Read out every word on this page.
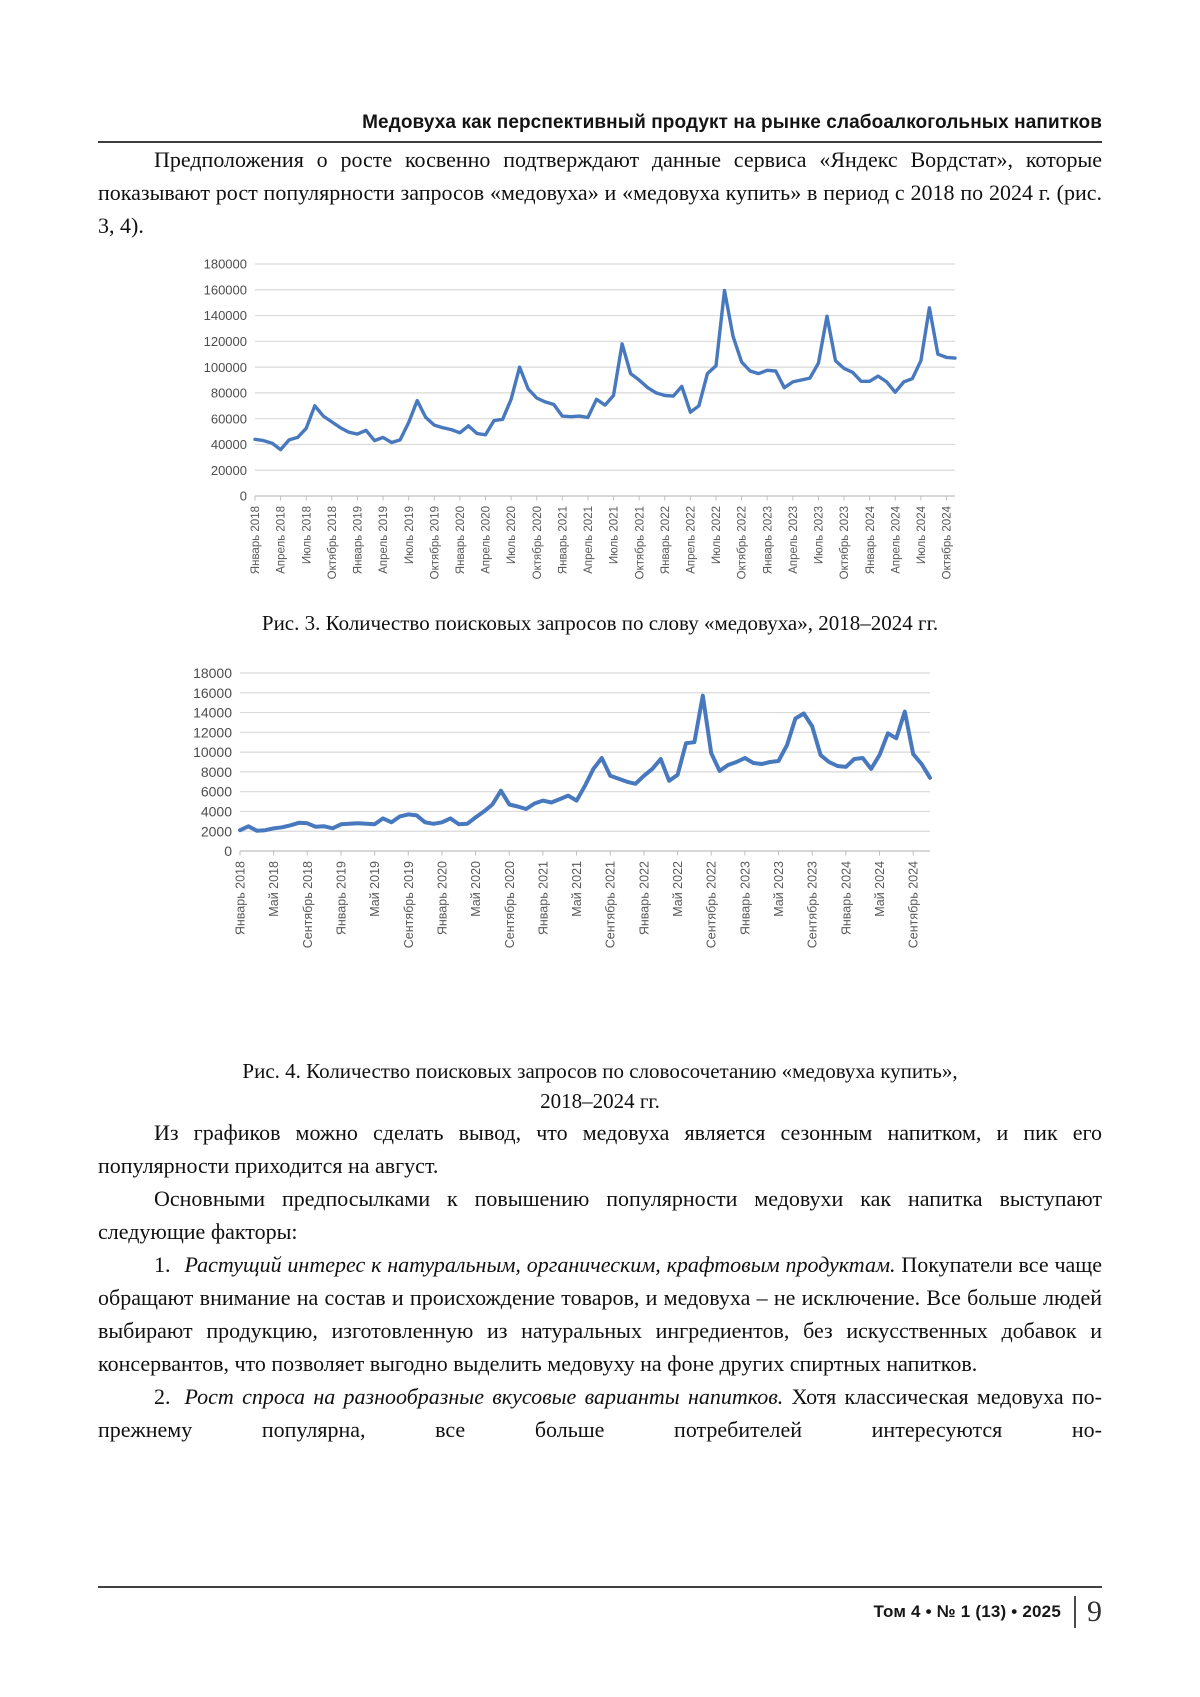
Медовуха как перспективный продукт на рынке слабоалкогольных напитков

Предположения о росте косвенно подтверждают данные сервиса «Яндекс Вордстат», которые показывают рост популярности запросов «медовуха» и «медовуха купить» в период с 2018 по 2024 г. (рис. 3, 4).

0
20000
40000
60000
80000
100000
120000
140000
160000
180000
Январь 2018 Апрель 2018 Июль 2018 Октябрь 2018 Январь 2019 Апрель 2019 Июль 2019 Октябрь 2019 Январь 2020 Апрель 2020 Июль 2020 Октябрь 2020 Январь 2021 Апрель 2021 Июль 2021 Октябрь 2021 Январь 2022 Апрель 2022 Июль 2022 Октябрь 2022 Январь 2023 Апрель 2023 Июль 2023 Октябрь 2023 Январь 2024 Апрель 2024 Июль 2024 Октябрь 2024

Рис. 3. Количество поисковых запросов по слову «медовуха», 2018–2024 гг.

0
2000
4000
6000
8000
10000
12000
14000
16000
18000
Январь 2018 Май 2018 Сентябрь 2018 Январь 2019 Май 2019 Сентябрь 2019 Январь 2020 Май 2020 Сентябрь 2020 Январь 2021 Май 2021 Сентябрь 2021 Январь 2022 Май 2022 Сентябрь 2022 Январь 2023 Май 2023 Сентябрь 2023 Январь 2024 Май 2024 Сентябрь 2024

Рис. 4. Количество поисковых запросов по словосочетанию «медовуха купить»,
2018–2024 гг.

Из графиков можно сделать вывод, что медовуха является сезонным напитком, и пик его популярности приходится на август.

Основными предпосылками к повышению популярности медовухи как напитка выступают следующие факторы:

1. Растущий интерес к натуральным, органическим, крафтовым продуктам. Покупатели все чаще обращают внимание на состав и происхождение товаров, и медовуха – не исключение. Все больше людей выбирают продукцию, изготовленную из натуральных ингредиентов, без искусственных добавок и консервантов, что позволяет выгодно выделить медовуху на фоне других спиртных напитков.

2. Рост спроса на разнообразные вкусовые варианты напитков. Хотя классическая медовуха по-прежнему популярна, все больше потребителей интересуются но-

Том 4 • № 1 (13) • 2025 9
